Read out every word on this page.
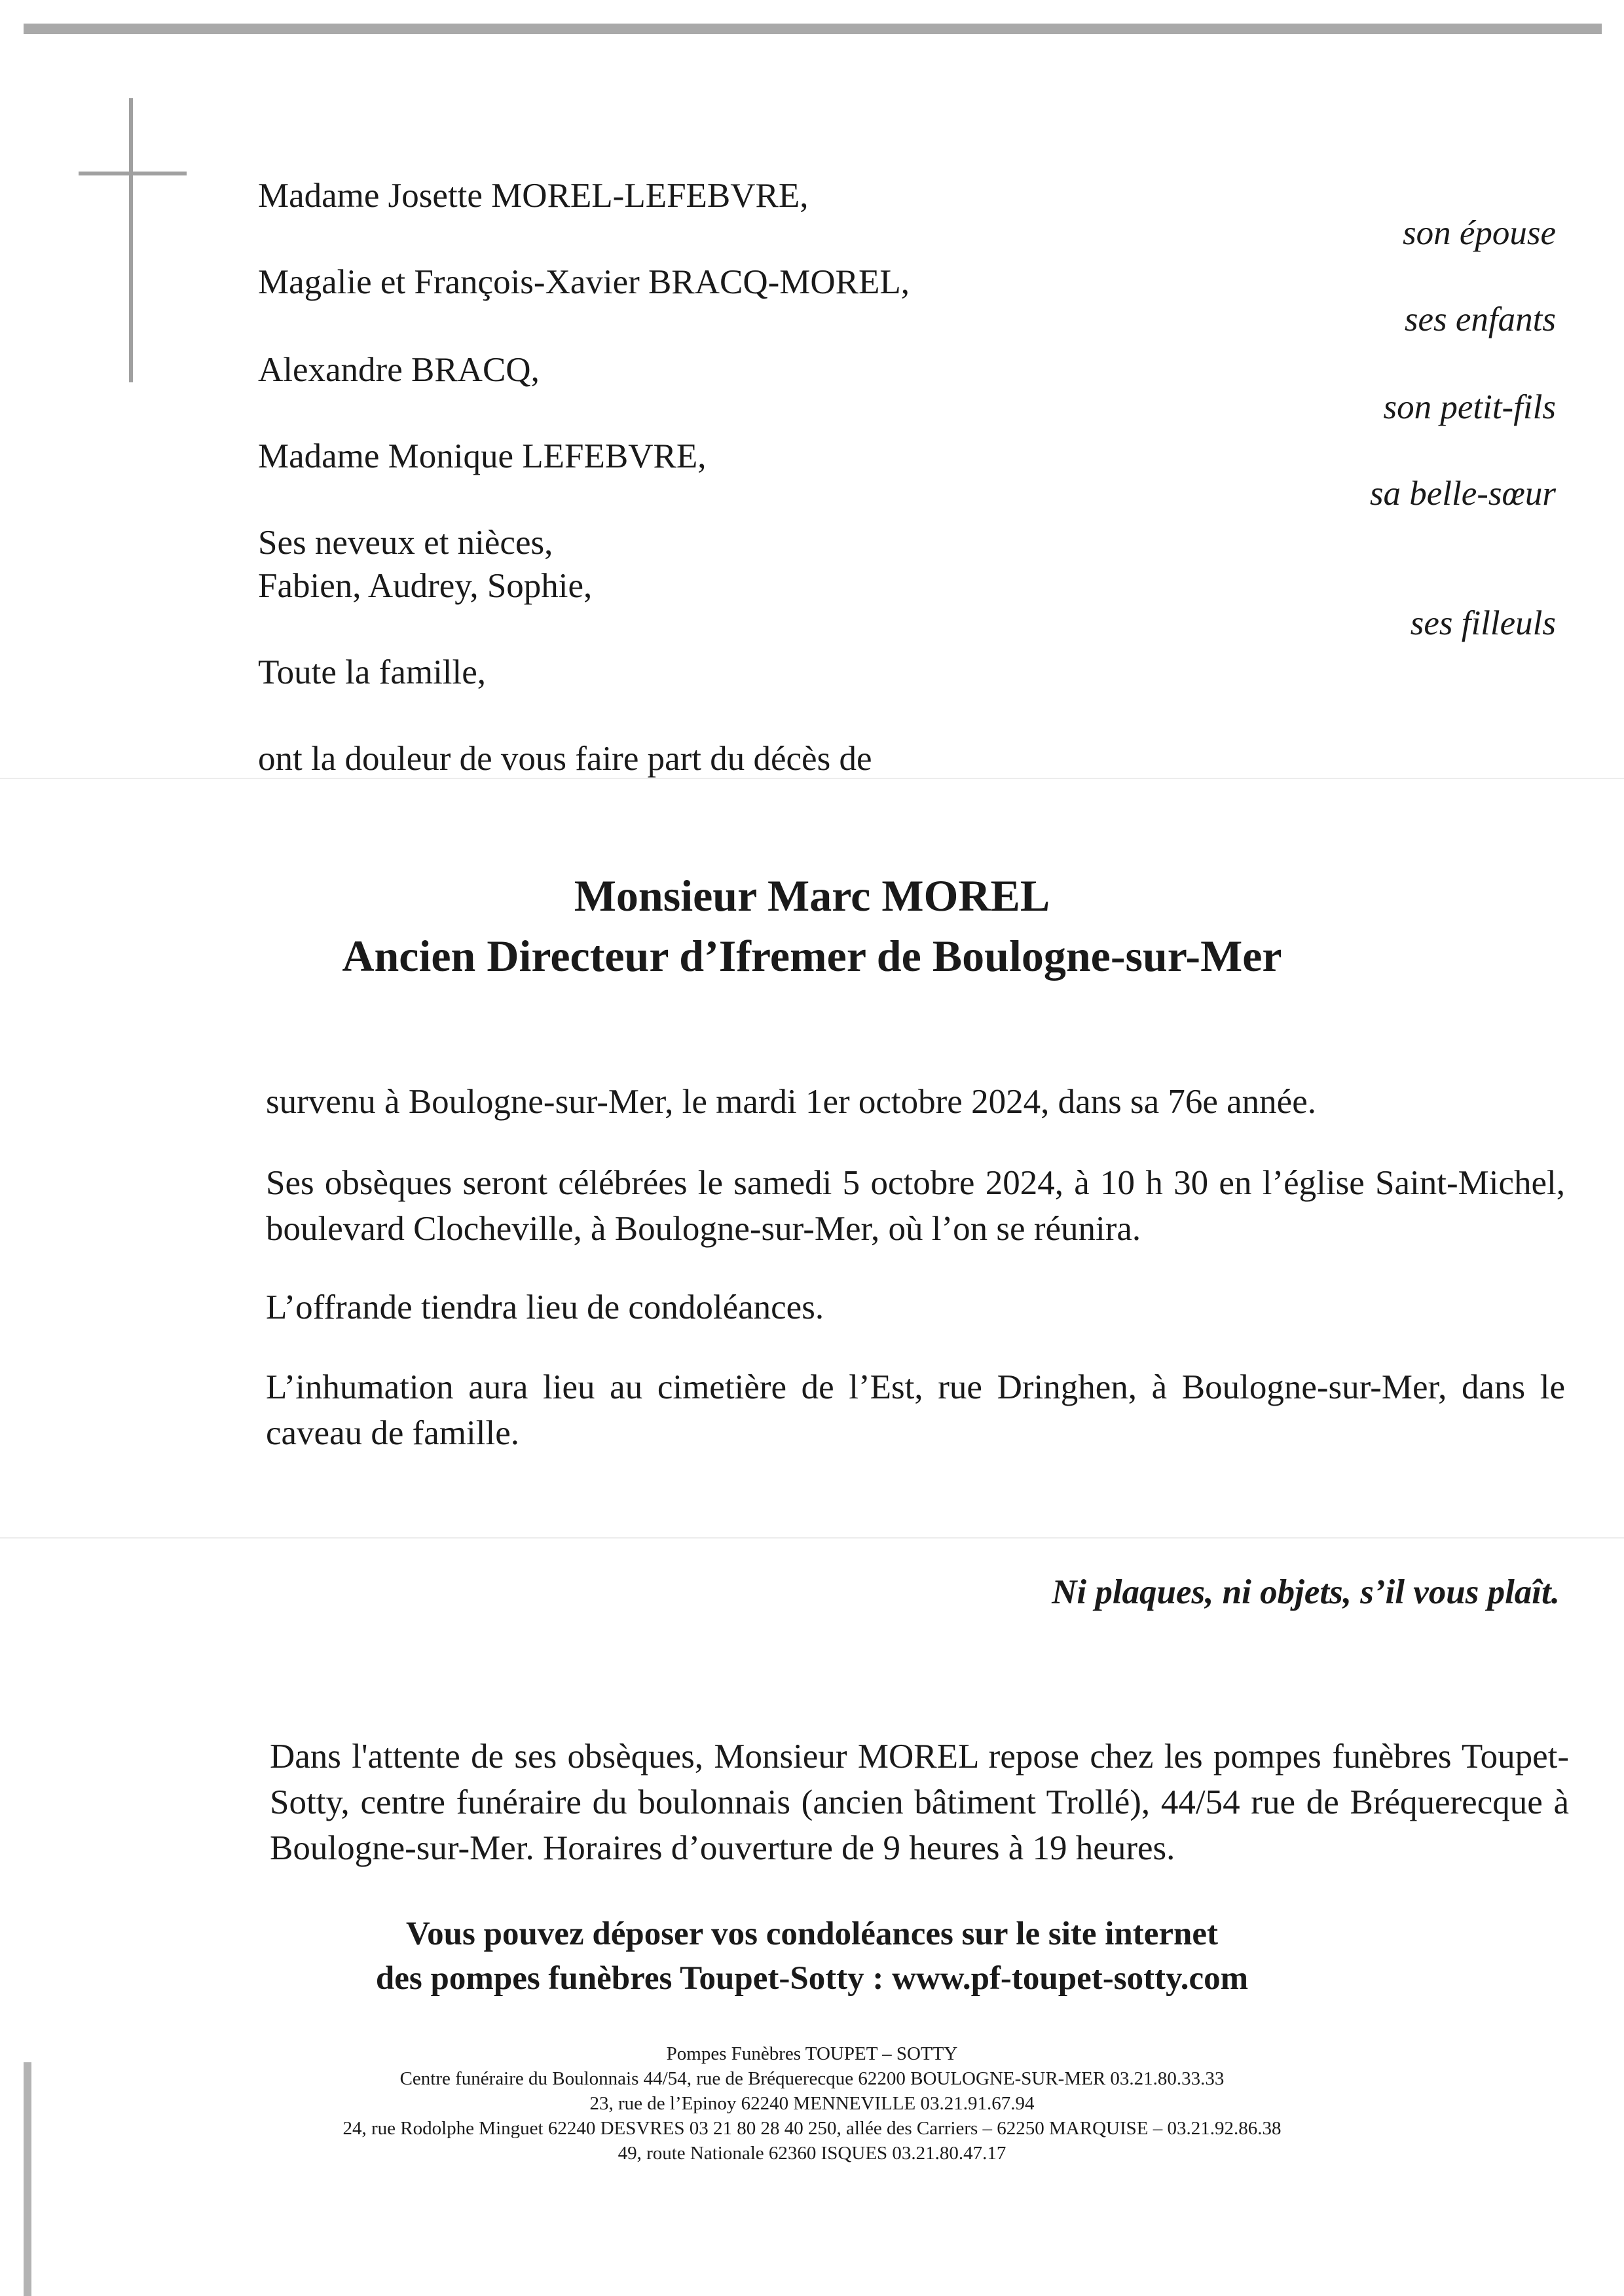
Madame Josette MOREL-LEFEBVRE,
Magalie et François-Xavier BRACQ-MOREL,
Alexandre BRACQ,
Madame Monique LEFEBVRE,
Ses neveux et nièces,
Fabien, Audrey, Sophie,
Toute la famille,
ont la douleur de vous faire part du décès de
son épouse
ses enfants
son petit-fils
sa belle-sœur
ses filleuls
Monsieur Marc MOREL
Ancien Directeur d’Ifremer de Boulogne-sur-Mer
survenu à Boulogne-sur-Mer, le mardi 1er octobre 2024, dans sa 76e année.
Ses obsèques seront célébrées le samedi 5 octobre 2024, à 10 h 30 en l’église Saint-Michel, boulevard Clocheville, à Boulogne-sur-Mer, où l’on se réunira.
L’offrande tiendra lieu de condoléances.
L’inhumation aura lieu au cimetière de l’Est, rue Dringhen, à Boulogne-sur-Mer, dans le caveau de famille.
Ni plaques, ni objets, s’il vous plaît.
Dans l'attente de ses obsèques, Monsieur MOREL repose chez les pompes funèbres Toupet-Sotty, centre funéraire du boulonnais (ancien bâtiment Trollé), 44/54 rue de Bréquerecque à Boulogne-sur-Mer. Horaires d’ouverture de 9 heures à 19 heures.
Vous pouvez déposer vos condoléances sur le site internet
des pompes funèbres Toupet-Sotty : www.pf-toupet-sotty.com
Pompes Funèbres TOUPET – SOTTY
Centre funéraire du Boulonnais 44/54, rue de Bréquerecque 62200 BOULOGNE-SUR-MER 03.21.80.33.33
23, rue de l’Epinoy 62240 MENNEVILLE 03.21.91.67.94
24, rue Rodolphe Minguet 62240 DESVRES 03 21 80 28 40 250, allée des Carriers – 62250 MARQUISE – 03.21.92.86.38
49, route Nationale 62360 ISQUES 03.21.80.47.17
